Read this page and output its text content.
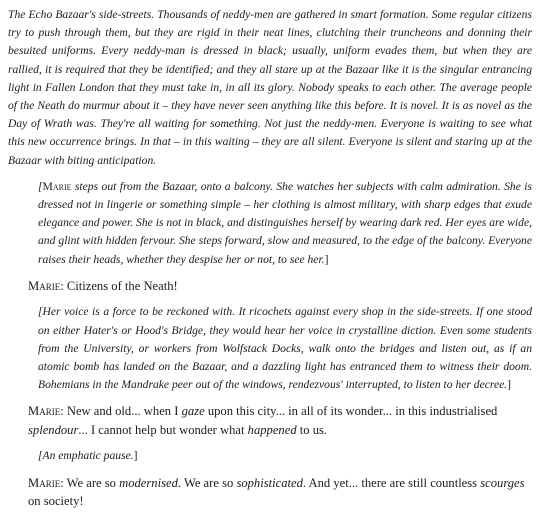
The Echo Bazaar's side-streets. Thousands of neddy-men are gathered in smart formation. Some regular citizens try to push through them, but they are rigid in their neat lines, clutching their truncheons and donning their besuited uniforms. Every neddy-man is dressed in black; usually, uniform evades them, but when they are rallied, it is required that they be identified; and they all stare up at the Bazaar like it is the singular entrancing light in Fallen London that they must take in, in all its glory. Nobody speaks to each other. The average people of the Neath do murmur about it – they have never seen anything like this before. It is novel. It is as novel as the Day of Wrath was. They're all waiting for something. Not just the neddy-men. Everyone is waiting to see what this new occurrence brings. In that – in this waiting – they are all silent. Everyone is silent and staring up at the Bazaar with biting anticipation.

[Marie steps out from the Bazaar, onto a balcony. She watches her subjects with calm admiration. She is dressed not in lingerie or something simple – her clothing is almost military, with sharp edges that exude elegance and power. She is not in black, and distinguishes herself by wearing dark red. Her eyes are wide, and glint with hidden fervour. She steps forward, slow and measured, to the edge of the balcony. Everyone raises their heads, whether they despise her or not, to see her.]

Marie: Citizens of the Neath!

[Her voice is a force to be reckoned with. It ricochets against every shop in the side-streets. If one stood on either Hater's or Hood's Bridge, they would hear her voice in crystalline diction. Even some students from the University, or workers from Wolfstack Docks, walk onto the bridges and listen out, as if an atomic bomb has landed on the Bazaar, and a dazzling light has entranced them to witness their doom. Bohemians in the Mandrake peer out of the windows, rendezvous' interrupted, to listen to her decree.]

Marie: New and old... when I gaze upon this city... in all of its wonder... in this industrialised splendour... I cannot help but wonder what happened to us.

[An emphatic pause.]

Marie: We are so modernised. We are so sophisticated. And yet... there are still countless scourges on society!
